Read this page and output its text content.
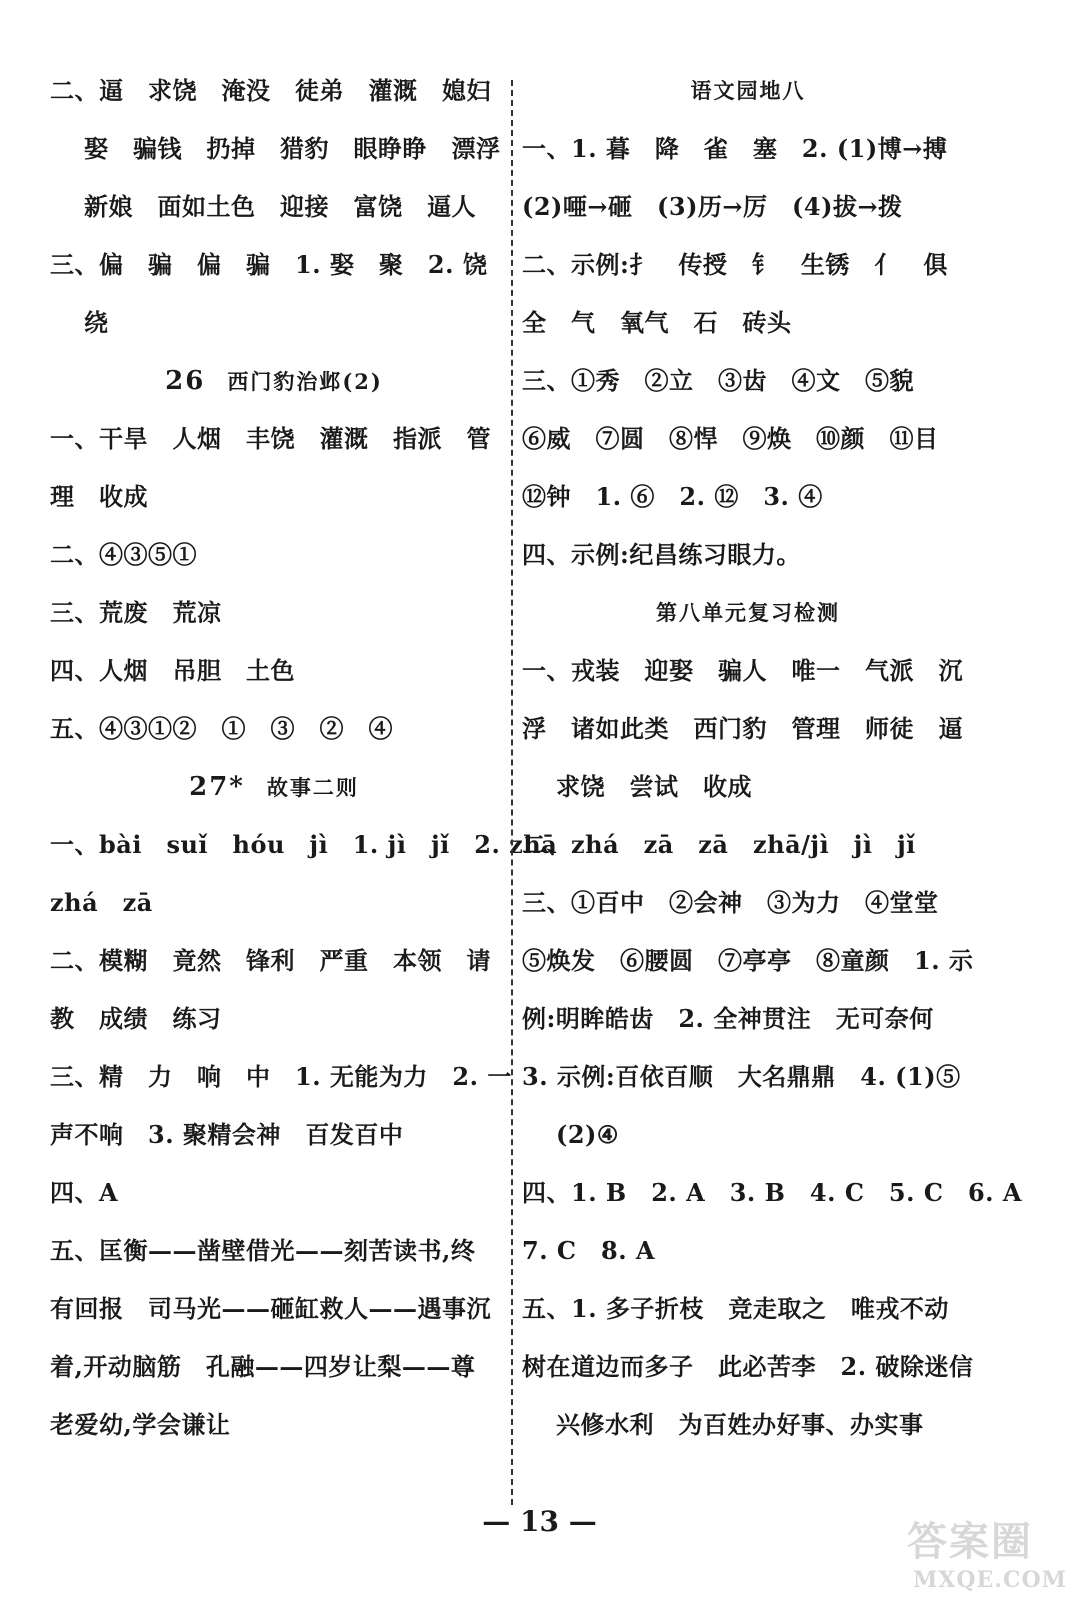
二、逼　求饶　淹没　徒弟　灌溉　媳妇
娶　骗钱　扔掉　猎豹　眼睁睁　漂浮
新娘　面如土色　迎接　富饶　逼人
三、偏　骗　偏　骗　1. 娶　聚　2. 饶
绕
26 西门豹治邺(2)
一、干旱　人烟　丰饶　灌溉　指派　管
理　收成
二、④③⑤①
三、荒废　荒凉
四、人烟　吊胆　土色
五、④③①②　①　③　②　④
27* 故事二则
一、bài　suǐ　hóu　jì　1. jì　jǐ　2. zhā
zhá　zā
二、模糊　竟然　锋利　严重　本领　请
教　成绩　练习
三、精　力　响　中　1. 无能为力　2. 一
声不响　3. 聚精会神　百发百中
四、A
五、匡衡——凿壁借光——刻苦读书,终
有回报　司马光——砸缸救人——遇事沉
着,开动脑筋　孔融——四岁让梨——尊
老爱幼,学会谦让
语文园地八
一、1. 暮　降　雀　塞　2. (1)博→搏
(2)唖→砸　(3)历→厉　(4)拔→拨
二、示例:扌　传授　钅　生锈　亻　俱
全　气　氧气　石　砖头
三、①秀　②立　③齿　④文　⑤貌
⑥威　⑦圆　⑧悍　⑨焕　⑩颜　⑪目
⑫钟　1. ⑥　2. ⑫　3. ④
四、示例:纪昌练习眼力。
第八单元复习检测
一、戎装　迎娶　骗人　唯一　气派　沉
浮　诸如此类　西门豹　管理　师徒　逼
求饶　尝试　收成
二、zhá　zā　zā　zhā/jì　jì　jǐ
三、①百中　②会神　③为力　④堂堂
⑤焕发　⑥腰圆　⑦亭亭　⑧童颜　1. 示
例:明眸皓齿　2. 全神贯注　无可奈何
3. 示例:百依百顺　大名鼎鼎　4. (1)⑤
(2)④
四、1. B　2. A　3. B　4. C　5. C　6. A
7. C　8. A
五、1. 多子折枝　竞走取之　唯戎不动
树在道边而多子　此必苦李　2. 破除迷信
兴修水利　为百姓办好事、办实事
— 13 —	答案圈
MXQE.COM
